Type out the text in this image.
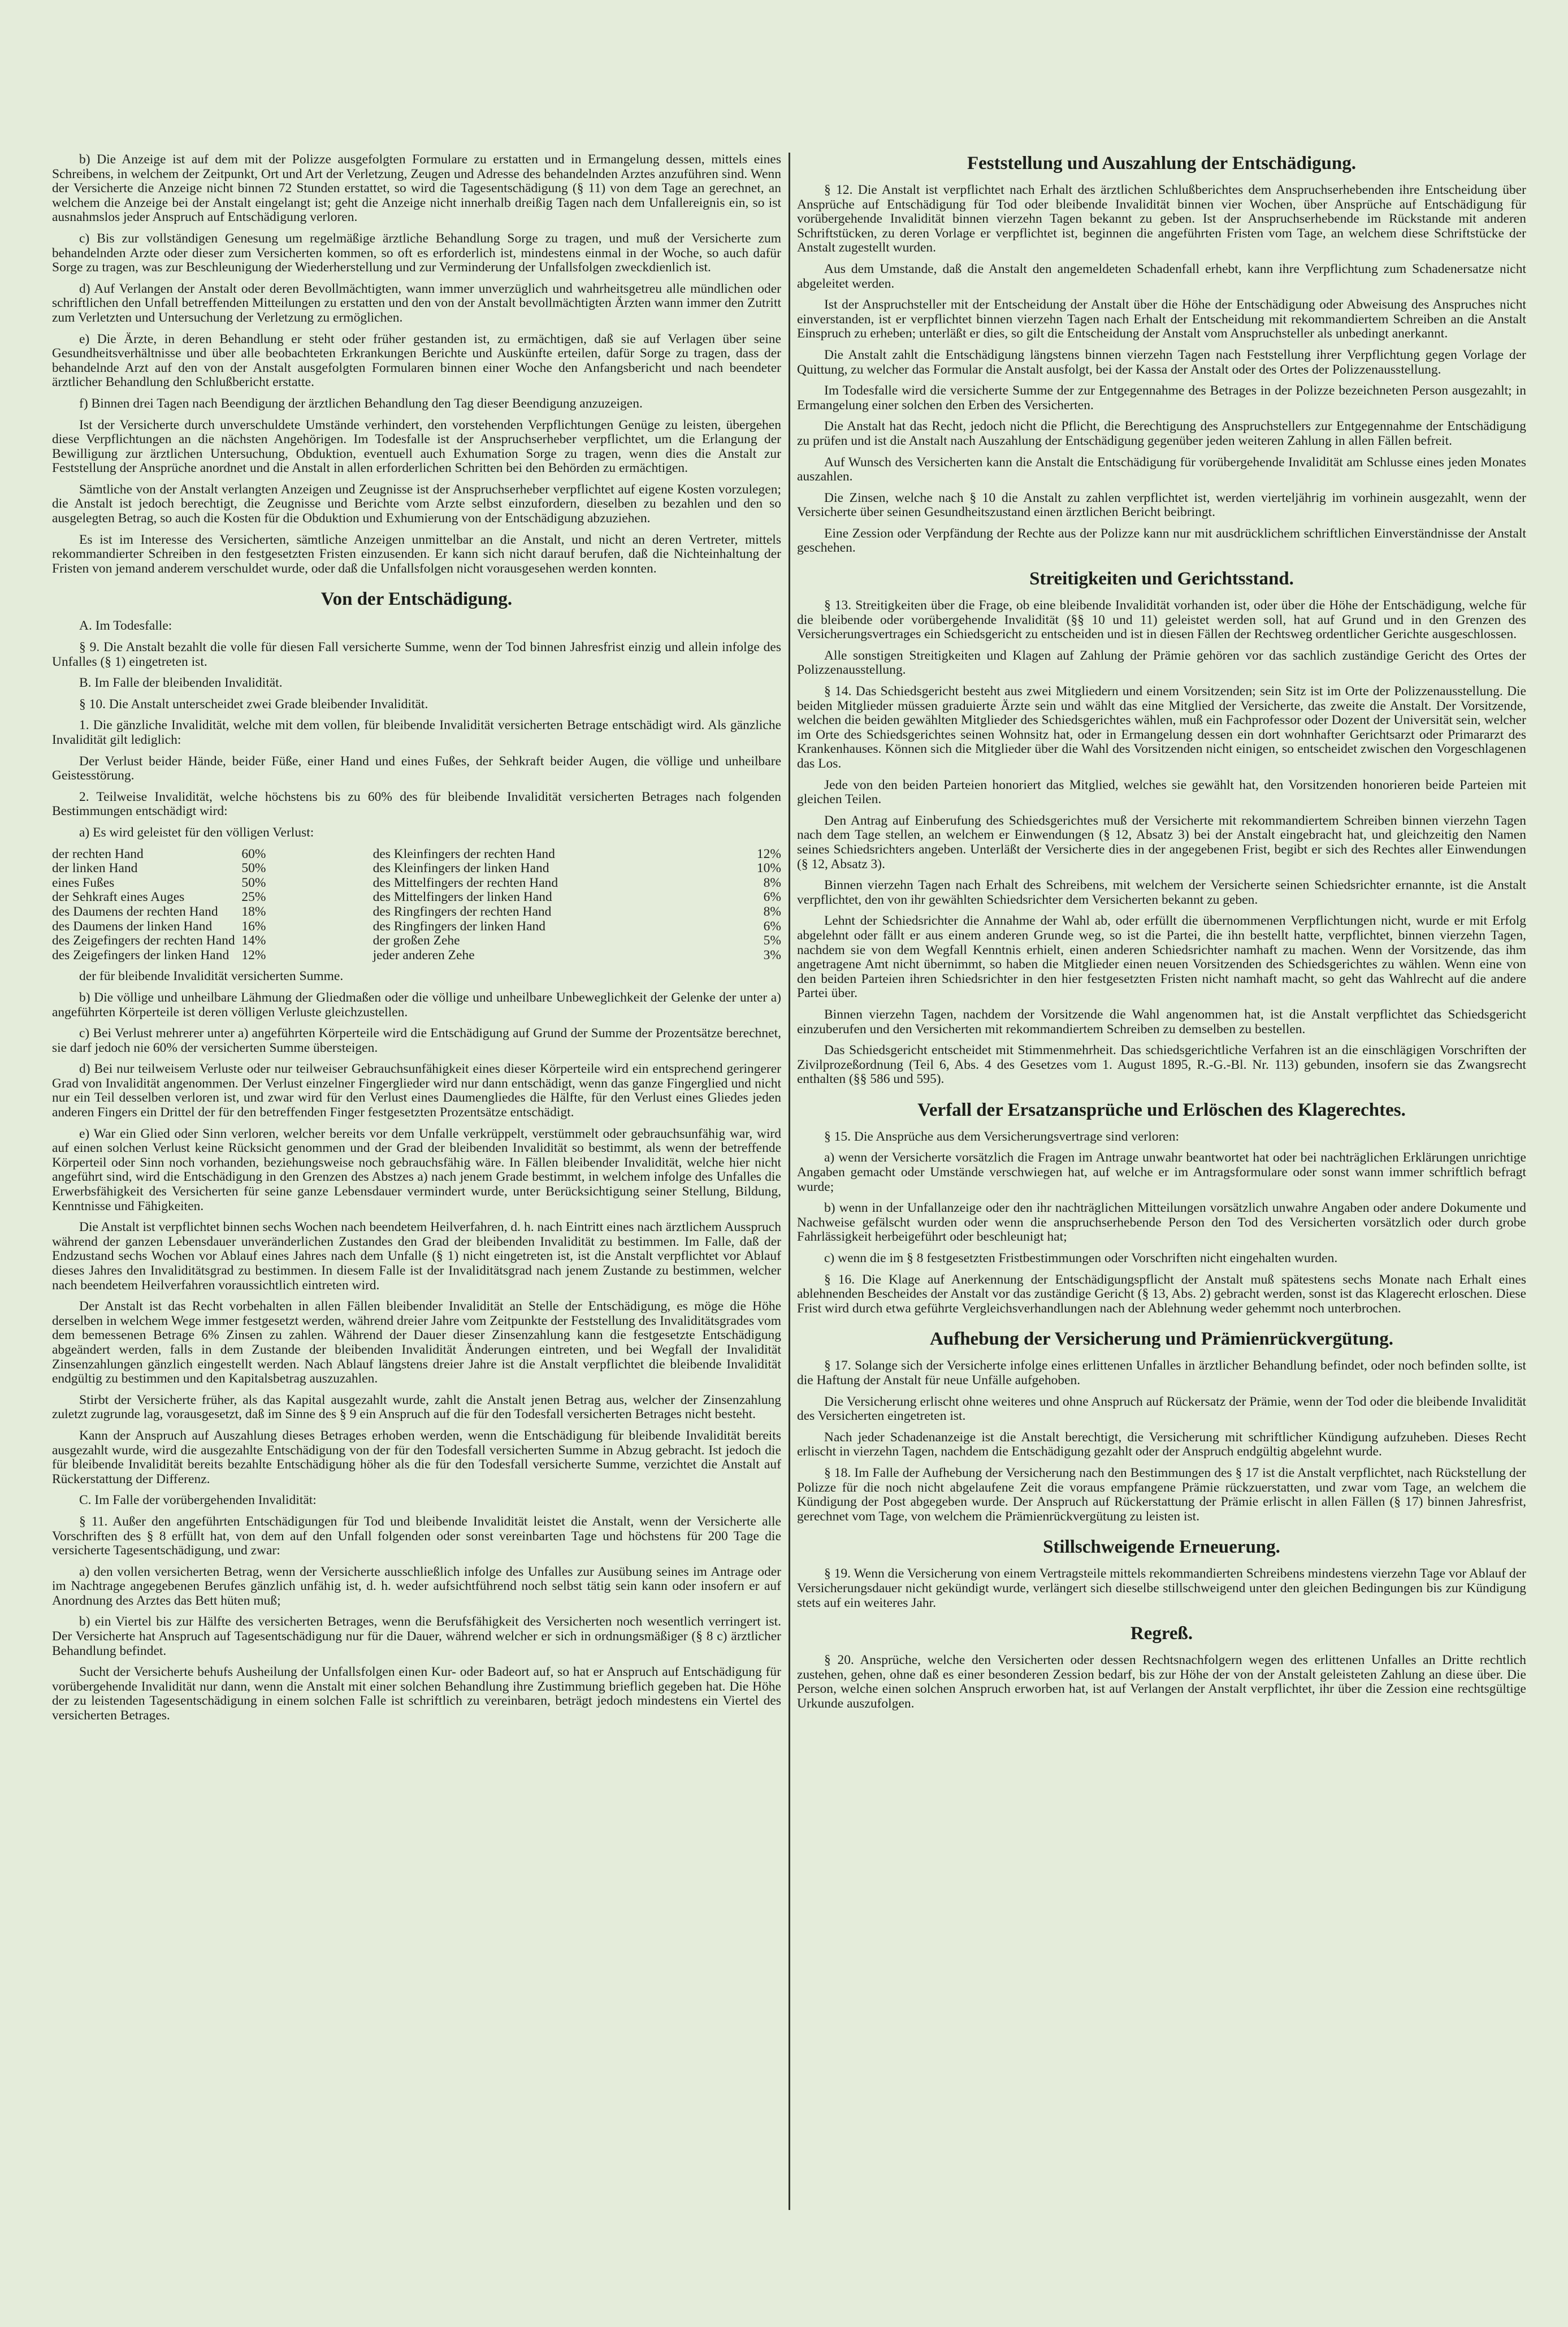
b) Die Anzeige ist auf dem mit der Polizze ausgefolgten Formulare zu erstatten und in Ermangelung dessen, mittels eines Schreibens, in welchem der Zeitpunkt, Ort und Art der Verletzung, Zeugen und Adresse des behandelnden Arztes anzuführen sind. Wenn der Versicherte die Anzeige nicht binnen 72 Stunden erstattet, so wird die Tagesentschädigung (§ 11) von dem Tage an gerechnet, an welchem die Anzeige bei der Anstalt eingelangt ist; geht die Anzeige nicht innerhalb dreißig Tagen nach dem Unfallereignis ein, so ist ausnahmslos jeder Anspruch auf Entschädigung verloren.

c) Bis zur vollständigen Genesung um regelmäßige ärztliche Behandlung Sorge zu tragen, und muß der Versicherte zum behandelnden Arzte oder dieser zum Versicherten kommen, so oft es erforderlich ist, mindestens einmal in der Woche, so auch dafür Sorge zu tragen, was zur Beschleunigung der Wiederherstellung und zur Verminderung der Unfallsfolgen zweckdienlich ist.

d) Auf Verlangen der Anstalt oder deren Bevollmächtigten, wann immer unverzüglich und wahrheitsgetreu alle mündlichen oder schriftlichen den Unfall betreffenden Mitteilungen zu erstatten und den von der Anstalt bevollmächtigten Ärzten wann immer den Zutritt zum Verletzten und Untersuchung der Verletzung zu ermöglichen.

e) Die Ärzte, in deren Behandlung er steht oder früher gestanden ist, zu ermächtigen, daß sie auf Verlagen über seine Gesundheitsverhältnisse und über alle beobachteten Erkrankungen Berichte und Auskünfte erteilen, dafür Sorge zu tragen, dass der behandelnde Arzt auf den von der Anstalt ausgefolgten Formularen binnen einer Woche den Anfangsbericht und nach beendeter ärztlicher Behandlung den Schlußbericht erstatte.

f) Binnen drei Tagen nach Beendigung der ärztlichen Behandlung den Tag dieser Beendigung anzuzeigen.

Ist der Versicherte durch unverschuldete Umstände verhindert, den vorstehenden Verpflichtungen Genüge zu leisten, übergehen diese Verpflichtungen an die nächsten Angehörigen. Im Todesfalle ist der Anspruchserheber verpflichtet, um die Erlangung der Bewilligung zur ärztlichen Untersuchung, Obduktion, eventuell auch Exhumation Sorge zu tragen, wenn dies die Anstalt zur Feststellung der Ansprüche anordnet und die Anstalt in allen erforderlichen Schritten bei den Behörden zu ermächtigen.

Sämtliche von der Anstalt verlangten Anzeigen und Zeugnisse ist der Anspruchserheber verpflichtet auf eigene Kosten vorzulegen; die Anstalt ist jedoch berechtigt, die Zeugnisse und Berichte vom Arzte selbst einzufordern, dieselben zu bezahlen und den so ausgelegten Betrag, so auch die Kosten für die Obduktion und Exhumierung von der Entschädigung abzuziehen.

Es ist im Interesse des Versicherten, sämtliche Anzeigen unmittelbar an die Anstalt, und nicht an deren Vertreter, mittels rekommandierter Schreiben in den festgesetzten Fristen einzusenden. Er kann sich nicht darauf berufen, daß die Nichteinhaltung der Fristen von jemand anderem verschuldet wurde, oder daß die Unfallsfolgen nicht vorausgesehen werden konnten.

Von der Entschädigung.

A. Im Todesfalle:

§ 9. Die Anstalt bezahlt die volle für diesen Fall versicherte Summe, wenn der Tod binnen Jahresfrist einzig und allein infolge des Unfalles (§ 1) eingetreten ist.

B. Im Falle der bleibenden Invalidität.

§ 10. Die Anstalt unterscheidet zwei Grade bleibender Invalidität.

1. Die gänzliche Invalidität, welche mit dem vollen, für bleibende Invalidität versicherten Betrage entschädigt wird. Als gänzliche Invalidität gilt lediglich:

Der Verlust beider Hände, beider Füße, einer Hand und eines Fußes, der Sehkraft beider Augen, die völlige und unheilbare Geistesstörung.

2. Teilweise Invalidität, welche höchstens bis zu 60% des für bleibende Invalidität versicherten Betrages nach folgenden Bestimmungen entschädigt wird:

a) Es wird geleistet für den völligen Verlust:

der rechten Hand	60%	des Kleinfingers der rechten Hand	12%
der linken Hand	50%	des Kleinfingers der linken Hand	10%
eines Fußes	50%	des Mittelfingers der rechten Hand	8%
der Sehkraft eines Auges	25%	des Mittelfingers der linken Hand	6%
des Daumens der rechten Hand	18%	des Ringfingers der rechten Hand	8%
des Daumens der linken Hand	16%	des Ringfingers der linken Hand	6%
des Zeigefingers der rechten Hand	14%	der großen Zehe	5%
des Zeigefingers der linken Hand	12%	jeder anderen Zehe	3%

der für bleibende Invalidität versicherten Summe.

b) Die völlige und unheilbare Lähmung der Gliedmaßen oder die völlige und unheilbare Unbeweglichkeit der Gelenke der unter a) angeführten Körperteile ist deren völligen Verluste gleichzustellen.

c) Bei Verlust mehrerer unter a) angeführten Körperteile wird die Entschädigung auf Grund der Summe der Prozentsätze berechnet, sie darf jedoch nie 60% der versicherten Summe übersteigen.

d) Bei nur teilweisem Verluste oder nur teilweiser Gebrauchsunfähigkeit eines dieser Körperteile wird ein entsprechend geringerer Grad von Invalidität angenommen. Der Verlust einzelner Fingerglieder wird nur dann entschädigt, wenn das ganze Fingerglied und nicht nur ein Teil desselben verloren ist, und zwar wird für den Verlust eines Daumengliedes die Hälfte, für den Verlust eines Gliedes jeden anderen Fingers ein Drittel der für den betreffenden Finger festgesetzten Prozentsätze entschädigt.

e) War ein Glied oder Sinn verloren, welcher bereits vor dem Unfalle verkrüppelt, verstümmelt oder gebrauchsunfähig war, wird auf einen solchen Verlust keine Rücksicht genommen und der Grad der bleibenden Invalidität so bestimmt, als wenn der betreffende Körperteil oder Sinn noch vorhanden, beziehungsweise noch gebrauchsfähig wäre. In Fällen bleibender Invalidität, welche hier nicht angeführt sind, wird die Entschädigung in den Grenzen des Abstzes a) nach jenem Grade bestimmt, in welchem infolge des Unfalles die Erwerbsfähigkeit des Versicherten für seine ganze Lebensdauer vermindert wurde, unter Berücksichtigung seiner Stellung, Bildung, Kenntnisse und Fähigkeiten.

Die Anstalt ist verpflichtet binnen sechs Wochen nach beendetem Heilverfahren, d. h. nach Eintritt eines nach ärztlichem Ausspruch während der ganzen Lebensdauer unveränderlichen Zustandes den Grad der bleibenden Invalidität zu bestimmen. Im Falle, daß der Endzustand sechs Wochen vor Ablauf eines Jahres nach dem Unfalle (§ 1) nicht eingetreten ist, ist die Anstalt verpflichtet vor Ablauf dieses Jahres den Invaliditätsgrad zu bestimmen. In diesem Falle ist der Invaliditätsgrad nach jenem Zustande zu bestimmen, welcher nach beendetem Heilverfahren voraussichtlich eintreten wird.

Der Anstalt ist das Recht vorbehalten in allen Fällen bleibender Invalidität an Stelle der Entschädigung, es möge die Höhe derselben in welchem Wege immer festgesetzt werden, während dreier Jahre vom Zeitpunkte der Feststellung des Invaliditätsgrades vom dem bemessenen Betrage 6% Zinsen zu zahlen. Während der Dauer dieser Zinsenzahlung kann die festgesetzte Entschädigung abgeändert werden, falls in dem Zustande der bleibenden Invalidität Änderungen eintreten, und bei Wegfall der Invalidität Zinsenzahlungen gänzlich eingestellt werden. Nach Ablauf längstens dreier Jahre ist die Anstalt verpflichtet die bleibende Invalidität endgültig zu bestimmen und den Kapitalsbetrag auszuzahlen.

Stirbt der Versicherte früher, als das Kapital ausgezahlt wurde, zahlt die Anstalt jenen Betrag aus, welcher der Zinsenzahlung zuletzt zugrunde lag, vorausgesetzt, daß im Sinne des § 9 ein Anspruch auf die für den Todesfall versicherten Betrages nicht besteht.

Kann der Anspruch auf Auszahlung dieses Betrages erhoben werden, wenn die Entschädigung für bleibende Invalidität bereits ausgezahlt wurde, wird die ausgezahlte Entschädigung von der für den Todesfall versicherten Summe in Abzug gebracht. Ist jedoch die für bleibende Invalidität bereits bezahlte Entschädigung höher als die für den Todesfall versicherte Summe, verzichtet die Anstalt auf Rückerstattung der Differenz.

C. Im Falle der vorübergehenden Invalidität:

§ 11. Außer den angeführten Entschädigungen für Tod und bleibende Invalidität leistet die Anstalt, wenn der Versicherte alle Vorschriften des § 8 erfüllt hat, von dem auf den Unfall folgenden oder sonst vereinbarten Tage und höchstens für 200 Tage die versicherte Tagesentschädigung, und zwar:

a) den vollen versicherten Betrag, wenn der Versicherte ausschließlich infolge des Unfalles zur Ausübung seines im Antrage oder im Nachtrage angegebenen Berufes gänzlich unfähig ist, d. h. weder aufsichtführend noch selbst tätig sein kann oder insofern er auf Anordnung des Arztes das Bett hüten muß;

b) ein Viertel bis zur Hälfte des versicherten Betrages, wenn die Berufsfähigkeit des Versicherten noch wesentlich verringert ist. Der Versicherte hat Anspruch auf Tagesentschädigung nur für die Dauer, während welcher er sich in ordnungsmäßiger (§ 8 c) ärztlicher Behandlung befindet.

Sucht der Versicherte behufs Ausheilung der Unfallsfolgen einen Kur- oder Badeort auf, so hat er Anspruch auf Entschädigung für vorübergehende Invalidität nur dann, wenn die Anstalt mit einer solchen Behandlung ihre Zustimmung brieflich gegeben hat. Die Höhe der zu leistenden Tagesentschädigung in einem solchen Falle ist schriftlich zu vereinbaren, beträgt jedoch mindestens ein Viertel des versicherten Betrages.

Feststellung und Auszahlung der Entschädigung.

§ 12. Die Anstalt ist verpflichtet nach Erhalt des ärztlichen Schlußberichtes dem Anspruchserhebenden ihre Entscheidung über Ansprüche auf Entschädigung für Tod oder bleibende Invalidität binnen vier Wochen, über Ansprüche auf Entschädigung für vorübergehende Invalidität binnen vierzehn Tagen bekannt zu geben. Ist der Anspruchserhebende im Rückstande mit anderen Schriftstücken, zu deren Vorlage er verpflichtet ist, beginnen die angeführten Fristen vom Tage, an welchem diese Schriftstücke der Anstalt zugestellt wurden.

Aus dem Umstande, daß die Anstalt den angemeldeten Schadenfall erhebt, kann ihre Verpflichtung zum Schadenersatze nicht abgeleitet werden.

Ist der Anspruchsteller mit der Entscheidung der Anstalt über die Höhe der Entschädigung oder Abweisung des Anspruches nicht einverstanden, ist er verpflichtet binnen vierzehn Tagen nach Erhalt der Entscheidung mit rekommandiertem Schreiben an die Anstalt Einspruch zu erheben; unterläßt er dies, so gilt die Entscheidung der Anstalt vom Anspruchsteller als unbedingt anerkannt.

Die Anstalt zahlt die Entschädigung längstens binnen vierzehn Tagen nach Feststellung ihrer Verpflichtung gegen Vorlage der Quittung, zu welcher das Formular die Anstalt ausfolgt, bei der Kassa der Anstalt oder des Ortes der Polizzenausstellung.

Im Todesfalle wird die versicherte Summe der zur Entgegennahme des Betrages in der Polizze bezeichneten Person ausgezahlt; in Ermangelung einer solchen den Erben des Versicherten.

Die Anstalt hat das Recht, jedoch nicht die Pflicht, die Berechtigung des Anspruchstellers zur Entgegennahme der Entschädigung zu prüfen und ist die Anstalt nach Auszahlung der Entschädigung gegenüber jeden weiteren Zahlung in allen Fällen befreit.

Auf Wunsch des Versicherten kann die Anstalt die Entschädigung für vorübergehende Invalidität am Schlusse eines jeden Monates auszahlen.

Die Zinsen, welche nach § 10 die Anstalt zu zahlen verpflichtet ist, werden vierteljährig im vorhinein ausgezahlt, wenn der Versicherte über seinen Gesundheitszustand einen ärztlichen Bericht beibringt.

Eine Zession oder Verpfändung der Rechte aus der Polizze kann nur mit ausdrücklichem schriftlichen Einverständnisse der Anstalt geschehen.

Streitigkeiten und Gerichtsstand.

§ 13. Streitigkeiten über die Frage, ob eine bleibende Invalidität vorhanden ist, oder über die Höhe der Entschädigung, welche für die bleibende oder vorübergehende Invalidität (§§ 10 und 11) geleistet werden soll, hat auf Grund und in den Grenzen des Versicherungsvertrages ein Schiedsgericht zu entscheiden und ist in diesen Fällen der Rechtsweg ordentlicher Gerichte ausgeschlossen.

Alle sonstigen Streitigkeiten und Klagen auf Zahlung der Prämie gehören vor das sachlich zuständige Gericht des Ortes der Polizzenausstellung.

§ 14. Das Schiedsgericht besteht aus zwei Mitgliedern und einem Vorsitzenden; sein Sitz ist im Orte der Polizzenausstellung. Die beiden Mitglieder müssen graduierte Ärzte sein und wählt das eine Mitglied der Versicherte, das zweite die Anstalt. Der Vorsitzende, welchen die beiden gewählten Mitglieder des Schiedsgerichtes wählen, muß ein Fachprofessor oder Dozent der Universität sein, welcher im Orte des Schiedsgerichtes seinen Wohnsitz hat, oder in Ermangelung dessen ein dort wohnhafter Gerichtsarzt oder Primararzt des Krankenhauses. Können sich die Mitglieder über die Wahl des Vorsitzenden nicht einigen, so entscheidet zwischen den Vorgeschlagenen das Los.

Jede von den beiden Parteien honoriert das Mitglied, welches sie gewählt hat, den Vorsitzenden honorieren beide Parteien mit gleichen Teilen.

Den Antrag auf Einberufung des Schiedsgerichtes muß der Versicherte mit rekommandiertem Schreiben binnen vierzehn Tagen nach dem Tage stellen, an welchem er Einwendungen (§ 12, Absatz 3) bei der Anstalt eingebracht hat, und gleichzeitig den Namen seines Schiedsrichters angeben. Unterläßt der Versicherte dies in der angegebenen Frist, begibt er sich des Rechtes aller Einwendungen (§ 12, Absatz 3).

Binnen vierzehn Tagen nach Erhalt des Schreibens, mit welchem der Versicherte seinen Schiedsrichter ernannte, ist die Anstalt verpflichtet, den von ihr gewählten Schiedsrichter dem Versicherten bekannt zu geben.

Lehnt der Schiedsrichter die Annahme der Wahl ab, oder erfüllt die übernommenen Verpflichtungen nicht, wurde er mit Erfolg abgelehnt oder fällt er aus einem anderen Grunde weg, so ist die Partei, die ihn bestellt hatte, verpflichtet, binnen vierzehn Tagen, nachdem sie von dem Wegfall Kenntnis erhielt, einen anderen Schiedsrichter namhaft zu machen. Wenn der Vorsitzende, das ihm angetragene Amt nicht übernimmt, so haben die Mitglieder einen neuen Vorsitzenden des Schiedsgerichtes zu wählen. Wenn eine von den beiden Parteien ihren Schiedsrichter in den hier festgesetzten Fristen nicht namhaft macht, so geht das Wahlrecht auf die andere Partei über.

Binnen vierzehn Tagen, nachdem der Vorsitzende die Wahl angenommen hat, ist die Anstalt verpflichtet das Schiedsgericht einzuberufen und den Versicherten mit rekommandiertem Schreiben zu demselben zu bestellen.

Das Schiedsgericht entscheidet mit Stimmenmehrheit. Das schiedsgerichtliche Verfahren ist an die einschlägigen Vorschriften der Zivilprozeßordnung (Teil 6, Abs. 4 des Gesetzes vom 1. August 1895, R.-G.-Bl. Nr. 113) gebunden, insofern sie das Zwangsrecht enthalten (§§ 586 und 595).

Verfall der Ersatzansprüche und Erlöschen des Klagerechtes.

§ 15. Die Ansprüche aus dem Versicherungsvertrage sind verloren:

a) wenn der Versicherte vorsätzlich die Fragen im Antrage unwahr beantwortet hat oder bei nachträglichen Erklärungen unrichtige Angaben gemacht oder Umstände verschwiegen hat, auf welche er im Antragsformulare oder sonst wann immer schriftlich befragt wurde;

b) wenn in der Unfallanzeige oder den ihr nachträglichen Mitteilungen vorsätzlich unwahre Angaben oder andere Dokumente und Nachweise gefälscht wurden oder wenn die anspruchserhebende Person den Tod des Versicherten vorsätzlich oder durch grobe Fahrlässigkeit herbeigeführt oder beschleunigt hat;

c) wenn die im § 8 festgesetzten Fristbestimmungen oder Vorschriften nicht eingehalten wurden.

§ 16. Die Klage auf Anerkennung der Entschädigungspflicht der Anstalt muß spätestens sechs Monate nach Erhalt eines ablehnenden Bescheides der Anstalt vor das zuständige Gericht (§ 13, Abs. 2) gebracht werden, sonst ist das Klagerecht erloschen. Diese Frist wird durch etwa geführte Vergleichsverhandlungen nach der Ablehnung weder gehemmt noch unterbrochen.

Aufhebung der Versicherung und Prämienrückvergütung.

§ 17. Solange sich der Versicherte infolge eines erlittenen Unfalles in ärztlicher Behandlung befindet, oder noch befinden sollte, ist die Haftung der Anstalt für neue Unfälle aufgehoben.

Die Versicherung erlischt ohne weiteres und ohne Anspruch auf Rückersatz der Prämie, wenn der Tod oder die bleibende Invalidität des Versicherten eingetreten ist.

Nach jeder Schadenanzeige ist die Anstalt berechtigt, die Versicherung mit schriftlicher Kündigung aufzuheben. Dieses Recht erlischt in vierzehn Tagen, nachdem die Entschädigung gezahlt oder der Anspruch endgültig abgelehnt wurde.

§ 18. Im Falle der Aufhebung der Versicherung nach den Bestimmungen des § 17 ist die Anstalt verpflichtet, nach Rückstellung der Polizze für die noch nicht abgelaufene Zeit die voraus empfangene Prämie rückzuerstatten, und zwar vom Tage, an welchem die Kündigung der Post abgegeben wurde. Der Anspruch auf Rückerstattung der Prämie erlischt in allen Fällen (§ 17) binnen Jahresfrist, gerechnet vom Tage, von welchem die Prämienrückvergütung zu leisten ist.

Stillschweigende Erneuerung.

§ 19. Wenn die Versicherung von einem Vertragsteile mittels rekommandierten Schreibens mindestens vierzehn Tage vor Ablauf der Versicherungsdauer nicht gekündigt wurde, verlängert sich dieselbe stillschweigend unter den gleichen Bedingungen bis zur Kündigung stets auf ein weiteres Jahr.

Regreß.

§ 20. Ansprüche, welche den Versicherten oder dessen Rechtsnachfolgern wegen des erlittenen Unfalles an Dritte rechtlich zustehen, gehen, ohne daß es einer besonderen Zession bedarf, bis zur Höhe der von der Anstalt geleisteten Zahlung an diese über. Die Person, welche einen solchen Anspruch erworben hat, ist auf Verlangen der Anstalt verpflichtet, ihr über die Zession eine rechtsgültige Urkunde auszufolgen.
